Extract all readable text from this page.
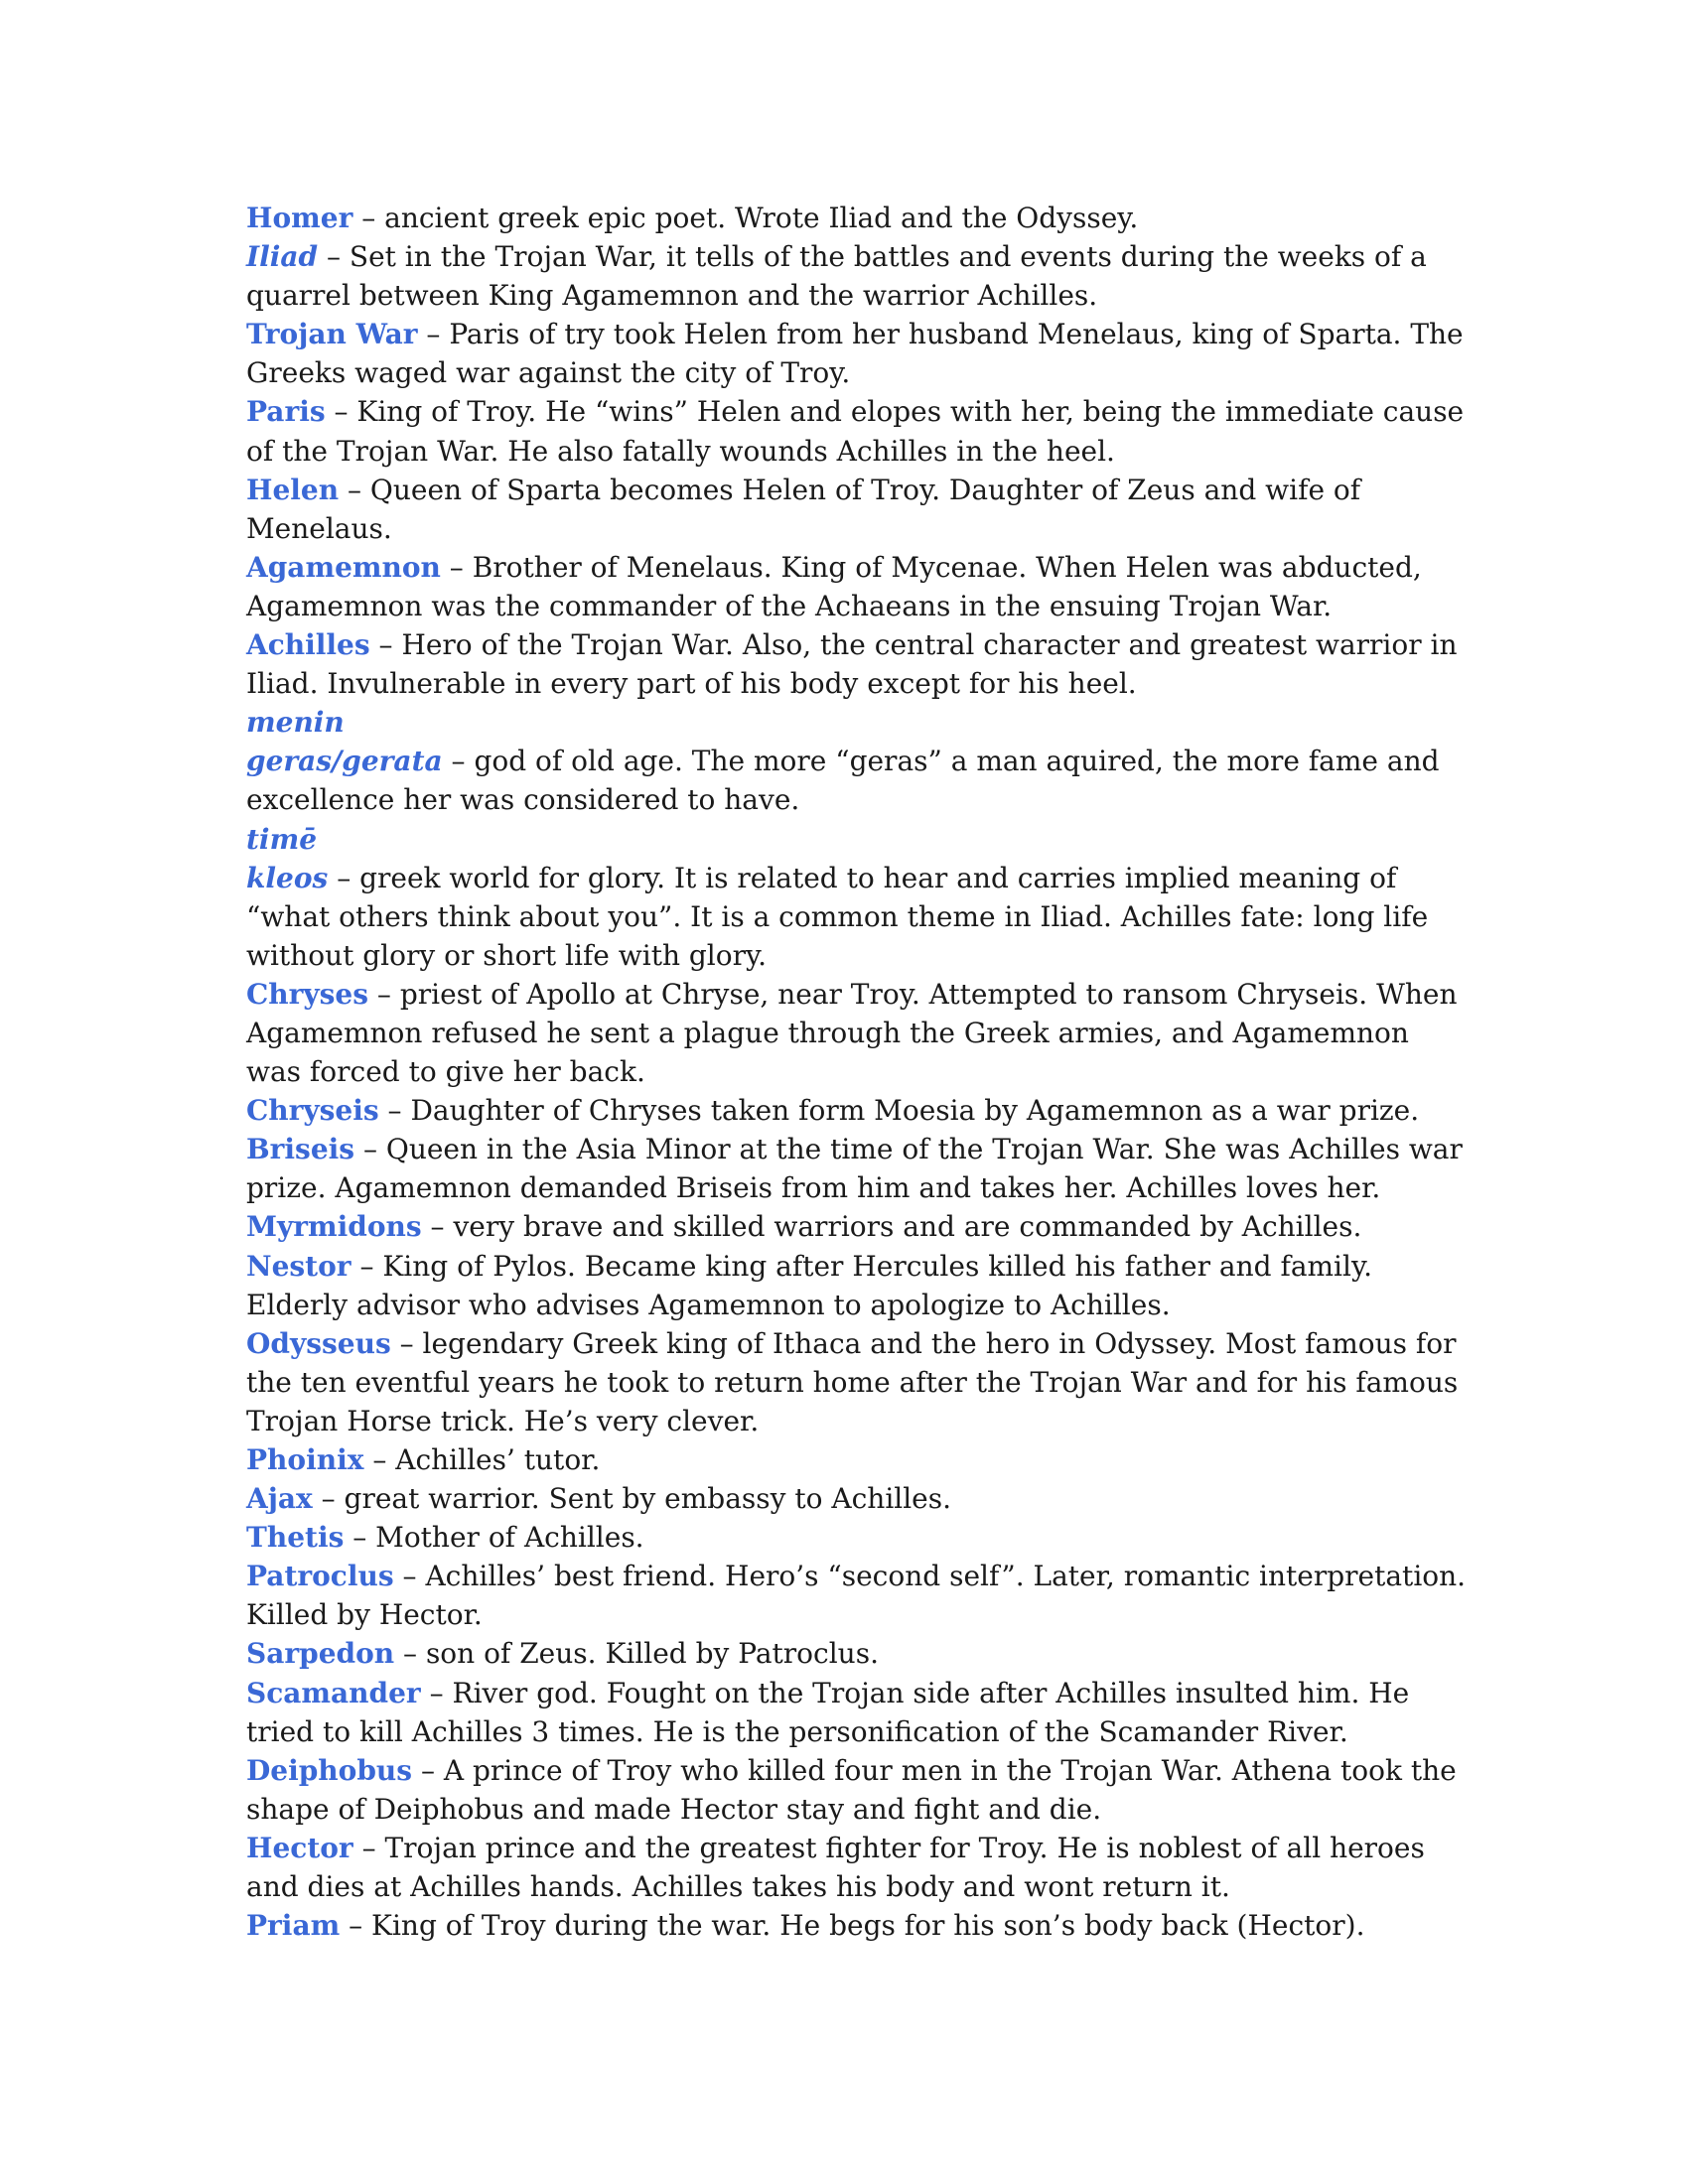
Homer – ancient greek epic poet. Wrote Iliad and the Odyssey.
Iliad – Set in the Trojan War, it tells of the battles and events during the weeks of a quarrel between King Agamemnon and the warrior Achilles.
Trojan War – Paris of try took Helen from her husband Menelaus, king of Sparta. The Greeks waged war against the city of Troy.
Paris – King of Troy. He “wins” Helen and elopes with her, being the immediate cause of the Trojan War. He also fatally wounds Achilles in the heel.
Helen – Queen of Sparta becomes Helen of Troy. Daughter of Zeus and wife of Menelaus.
Agamemnon – Brother of Menelaus. King of Mycenae. When Helen was abducted, Agamemnon was the commander of the Achaeans in the ensuing Trojan War.
Achilles – Hero of the Trojan War. Also, the central character and greatest warrior in Iliad. Invulnerable in every part of his body except for his heel.
menin
geras/gerata – god of old age. The more “geras” a man aquired, the more fame and excellence her was considered to have.
timē
kleos – greek world for glory. It is related to hear and carries implied meaning of “what others think about you”. It is a common theme in Iliad. Achilles fate: long life without glory or short life with glory.
Chryses – priest of Apollo at Chryse, near Troy. Attempted to ransom Chryseis. When Agamemnon refused he sent a plague through the Greek armies, and Agamemnon was forced to give her back.
Chryseis – Daughter of Chryses taken form Moesia by Agamemnon as a war prize.
Briseis – Queen in the Asia Minor at the time of the Trojan War. She was Achilles war prize. Agamemnon demanded Briseis from him and takes her. Achilles loves her.
Myrmidons – very brave and skilled warriors and are commanded by Achilles.
Nestor – King of Pylos. Became king after Hercules killed his father and family. Elderly advisor who advises Agamemnon to apologize to Achilles.
Odysseus – legendary Greek king of Ithaca and the hero in Odyssey. Most famous for the ten eventful years he took to return home after the Trojan War and for his famous Trojan Horse trick. He’s very clever.
Phoinix – Achilles’ tutor.
Ajax – great warrior. Sent by embassy to Achilles.
Thetis – Mother of Achilles.
Patroclus – Achilles’ best friend. Hero’s “second self”. Later, romantic interpretation. Killed by Hector.
Sarpedon – son of Zeus. Killed by Patroclus.
Scamander – River god. Fought on the Trojan side after Achilles insulted him. He tried to kill Achilles 3 times. He is the personification of the Scamander River.
Deiphobus – A prince of Troy who killed four men in the Trojan War. Athena took the shape of Deiphobus and made Hector stay and fight and die.
Hector – Trojan prince and the greatest fighter for Troy. He is noblest of all heroes and dies at Achilles hands. Achilles takes his body and wont return it.
Priam – King of Troy during the war. He begs for his son’s body back (Hector).
